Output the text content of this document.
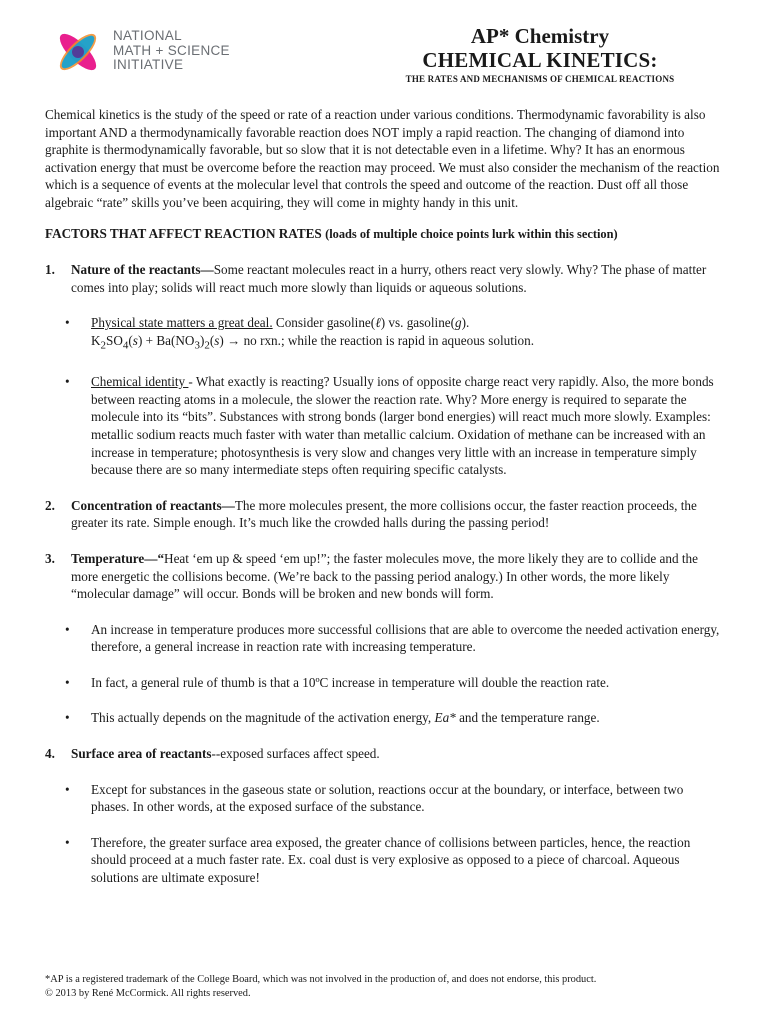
NATIONAL
MATH + SCIENCE
INITIATIVE
AP* Chemistry
CHEMICAL KINETICS:
THE RATES AND MECHANISMS OF CHEMICAL REACTIONS

Chemical kinetics is the study of the speed or rate of a reaction under various conditions. Thermodynamic favorability is also important AND a thermodynamically favorable reaction does NOT imply a rapid reaction. The changing of diamond into graphite is thermodynamically favorable, but so slow that it is not detectable even in a lifetime. Why? It has an enormous activation energy that must be overcome before the reaction may proceed. We must also consider the mechanism of the reaction which is a sequence of events at the molecular level that controls the speed and outcome of the reaction. Dust off all those algebraic “rate” skills you’ve been acquiring, they will come in mighty handy in this unit.

FACTORS THAT AFFECT REACTION RATES (loads of multiple choice points lurk within this section)

1.	Nature of the reactants—Some reactant molecules react in a hurry, others react very slowly. Why? The phase of matter comes into play; solids will react much more slowly than liquids or aqueous solutions.
• Physical state matters a great deal. Consider gasoline(ℓ) vs. gasoline(g).
$K_2SO_4(s) + Ba(NO_3)_2(s)$ → no rxn.; while the reaction is rapid in aqueous solution.
• Chemical identity - What exactly is reacting? Usually ions of opposite charge react very rapidly. Also, the more bonds between reacting atoms in a molecule, the slower the reaction rate. Why? More energy is required to separate the molecule into its “bits”. Substances with strong bonds (larger bond energies) will react much more slowly. Examples: metallic sodium reacts much faster with water than metallic calcium. Oxidation of methane can be increased with an increase in temperature; photosynthesis is very slow and changes very little with an increase in temperature simply because there are so many intermediate steps often requiring specific catalysts.
2.	Concentration of reactants—The more molecules present, the more collisions occur, the faster reaction proceeds, the greater its rate. Simple enough. It’s much like the crowded halls during the passing period!
3.	Temperature—“Heat ‘em up & speed ‘em up!”; the faster molecules move, the more likely they are to collide and the more energetic the collisions become. (We’re back to the passing period analogy.) In other words, the more likely “molecular damage” will occur. Bonds will be broken and new bonds will form.
• An increase in temperature produces more successful collisions that are able to overcome the needed activation energy, therefore, a general increase in reaction rate with increasing temperature.
• In fact, a general rule of thumb is that a 10ºC increase in temperature will double the reaction rate.
• This actually depends on the magnitude of the activation energy, Ea* and the temperature range.
4.	Surface area of reactants--exposed surfaces affect speed.
• Except for substances in the gaseous state or solution, reactions occur at the boundary, or interface, between two phases. In other words, at the exposed surface of the substance.
• Therefore, the greater surface area exposed, the greater chance of collisions between particles, hence, the reaction should proceed at a much faster rate. Ex. coal dust is very explosive as opposed to a piece of charcoal. Aqueous solutions are ultimate exposure!
*AP is a registered trademark of the College Board, which was not involved in the production of, and does not endorse, this product.
© 2013 by René McCormick. All rights reserved.
